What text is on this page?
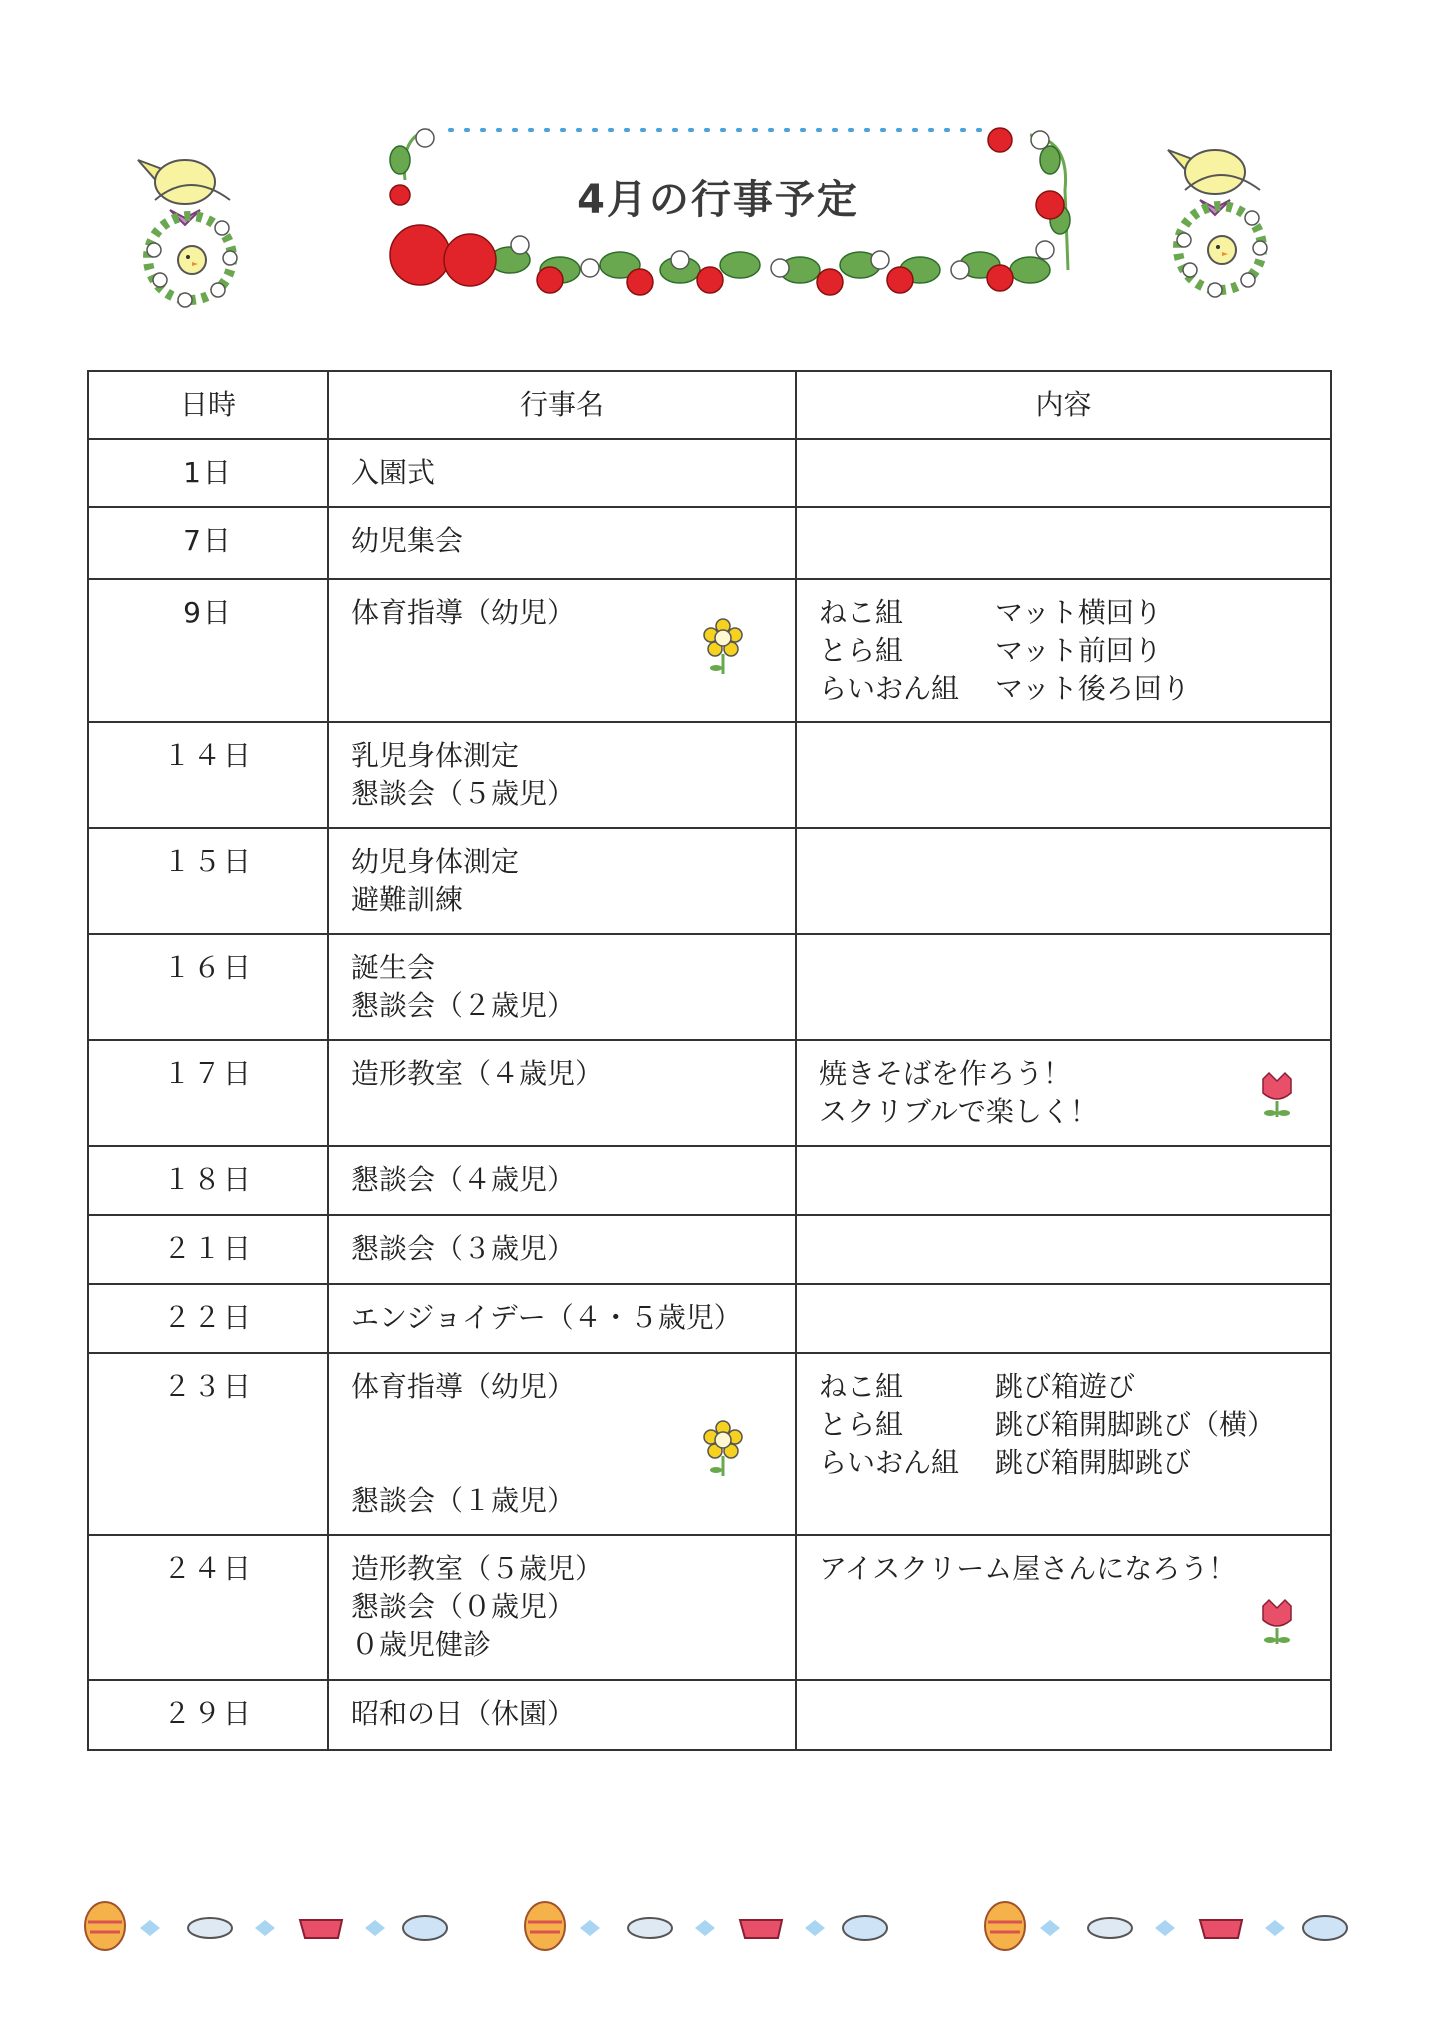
4月の行事予定
日時	行事名	内容
1日	入園式	

7日	幼児集会	

9日	体育指導（幼児）	ねこ組 マット横回り
とら組 マット前回り
らいおん組 マット後ろ回り

１４日	乳児身体測定
懇談会（５歳児）	

１５日	幼児身体測定
避難訓練	

１６日	誕生会
懇談会（２歳児）	

１７日	造形教室（４歳児）	焼きそばを作ろう！
スクリブルで楽しく！

１８日	懇談会（４歳児）	

２１日	懇談会（３歳児）	

２２日	エンジョイデー（４・５歳児）	

２３日	体育指導（幼児）
懇談会（１歳児）	ねこ組 跳び箱遊び
とら組 跳び箱開脚跳び（横）
らいおん組 跳び箱開脚跳び

２４日	造形教室（５歳児）
懇談会（０歳児）
０歳児健診	アイスクリーム屋さんになろう！

２９日	昭和の日（休園）	
